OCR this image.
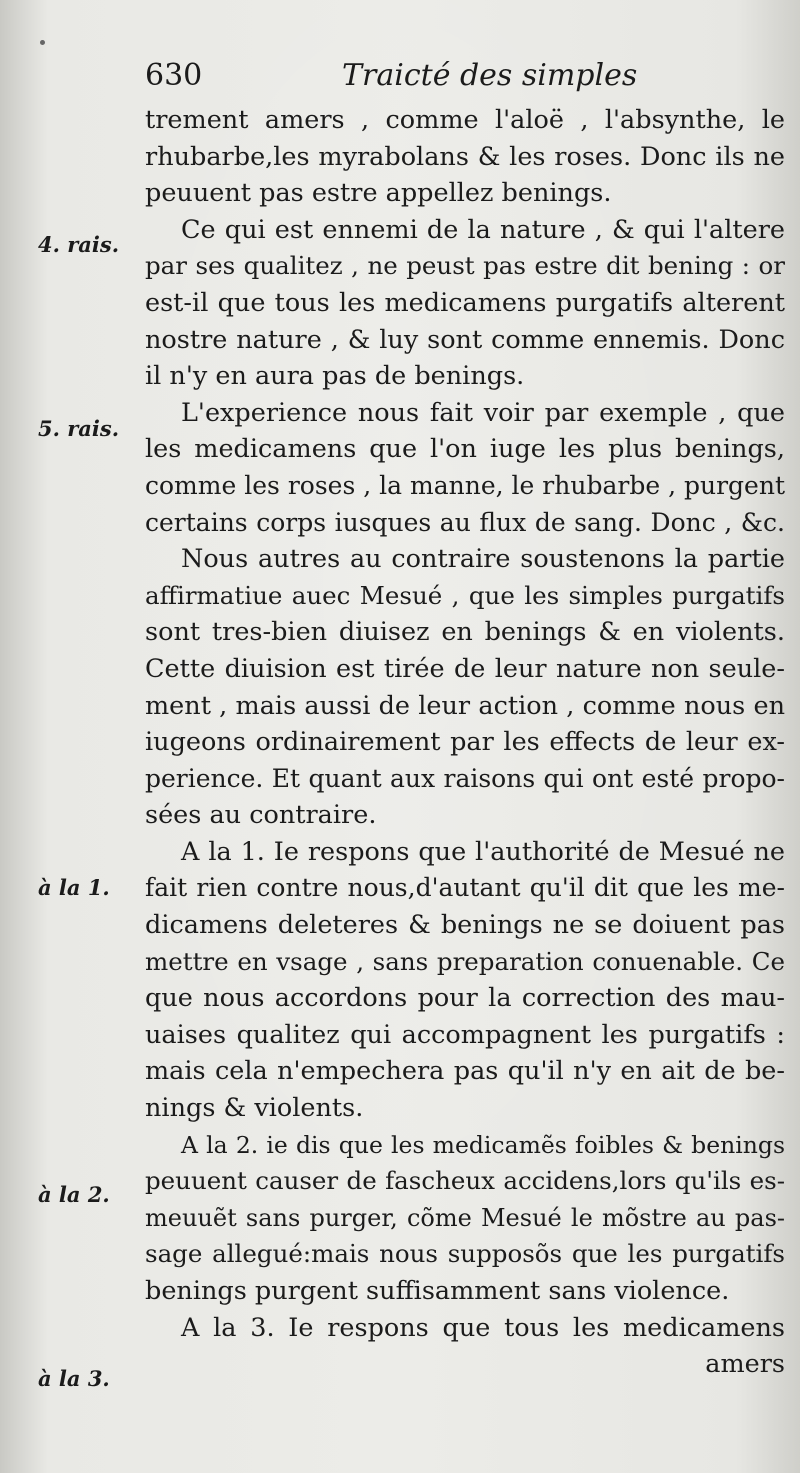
630	Traicté des simples
4. rais.
5. rais.
à la 1.
à la 2.
à la 3.
trement amers , comme l'aloë , l'absynthe, le
rhubarbe,les myrabolans & les roses. Donc ils ne
peuuent pas estre appellez benings.
Ce qui est ennemi de la nature , & qui l'altere
par ses qualitez , ne peust pas estre dit bening : or
est-il que tous les medicamens purgatifs alterent
nostre nature , & luy sont comme ennemis. Donc
il n'y en aura pas de benings.
L'experience nous fait voir par exemple , que
les medicamens que l'on iuge les plus benings,
comme les roses , la manne, le rhubarbe , purgent
certains corps iusques au flux de sang. Donc , &c.
Nous autres au contraire soustenons la partie
affirmatiue auec Mesué , que les simples purgatifs
sont tres-bien diuisez en benings & en violents.
Cette diuision est tirée de leur nature non seule-
ment , mais aussi de leur action , comme nous en
iugeons ordinairement par les effects de leur ex-
perience. Et quant aux raisons qui ont esté propo-
sées au contraire.
A la 1. Ie respons que l'authorité de Mesué ne
fait rien contre nous,d'autant qu'il dit que les me-
dicamens deleteres & benings ne se doiuent pas
mettre en vsage , sans preparation conuenable. Ce
que nous accordons pour la correction des mau-
uaises qualitez qui accompagnent les purgatifs :
mais cela n'empechera pas qu'il n'y en ait de be-
nings & violents.
A la 2. ie dis que les medicamẽs foibles & benings
peuuent causer de fascheux accidens,lors qu'ils es-
meuuẽt sans purger, cõme Mesué le mõstre au pas-
sage allegué:mais nous supposõs que les purgatifs
benings purgent suffisamment sans violence.
A la 3. Ie respons que tous les medicamens
amers
